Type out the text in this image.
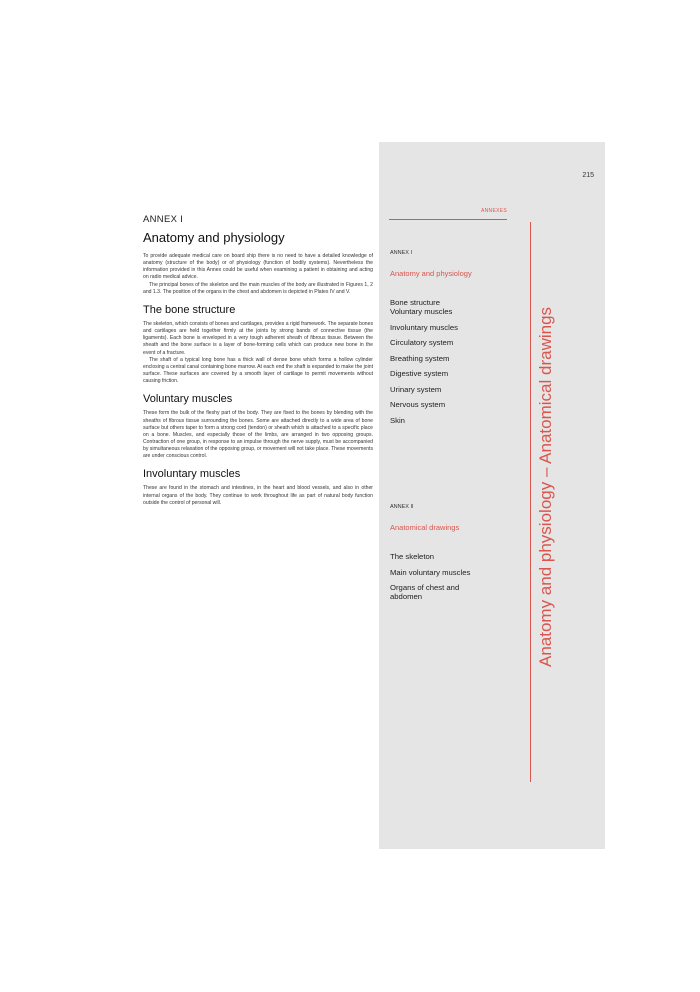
ANNEX I
Anatomy and physiology

To provide adequate medical care on board ship there is no need to have a detailed knowledge of anatomy (structure of the body) or of physiology (function of bodily systems). Nevertheless the information provided in this Annex could be useful when examining a patient in obtaining and acting on radio medical advice.

The principal bones of the skeleton and the main muscles of the body are illustrated in Figures 1, 2 and 1.3. The position of the organs in the chest and abdomen is depicted in Plates IV and V.

The bone structure

The skeleton, which consists of bones and cartilages, provides a rigid framework. The separate bones and cartilages are held together firmly at the joints by strong bands of connective tissue (the ligaments). Each bone is enveloped in a very tough adherent sheath of fibrous tissue. Between the sheath and the bone surface is a layer of bone-forming cells which can produce new bone in the event of a fracture.

The shaft of a typical long bone has a thick wall of dense bone which forms a hollow cylinder enclosing a central canal containing bone marrow. At each end the shaft is expanded to make the joint surface. These surfaces are covered by a smooth layer of cartilage to permit movements without causing friction.

Voluntary muscles

These form the bulk of the fleshy part of the body. They are fixed to the bones by blending with the sheaths of fibrous tissue surrounding the bones. Some are attached directly to a wide area of bone surface but others taper to form a strong cord (tendon) or sheath which is attached to a specific place on a bone. Muscles, and especially those of the limbs, are arranged in two opposing groups. Contraction of one group, in response to an impulse through the nerve supply, must be accompanied by simultaneous relaxation of the opposing group, or movement will not take place. These movements are under conscious control.

Involuntary muscles

These are found in the stomach and intestines, in the heart and blood vessels, and also in other internal organs of the body. They continue to work throughout life as part of natural body function outside the control of personal will.

215
ANNEXES
ANNEX I
Anatomy and physiology
Bone structure
Voluntary muscles
Involuntary muscles
Circulatory system
Breathing system
Digestive system
Urinary system
Nervous system
Skin
ANNEX II
Anatomical drawings
The skeleton
Main voluntary muscles
Organs of chest and abdomen	Anatomy and physiology – Anatomical drawings
